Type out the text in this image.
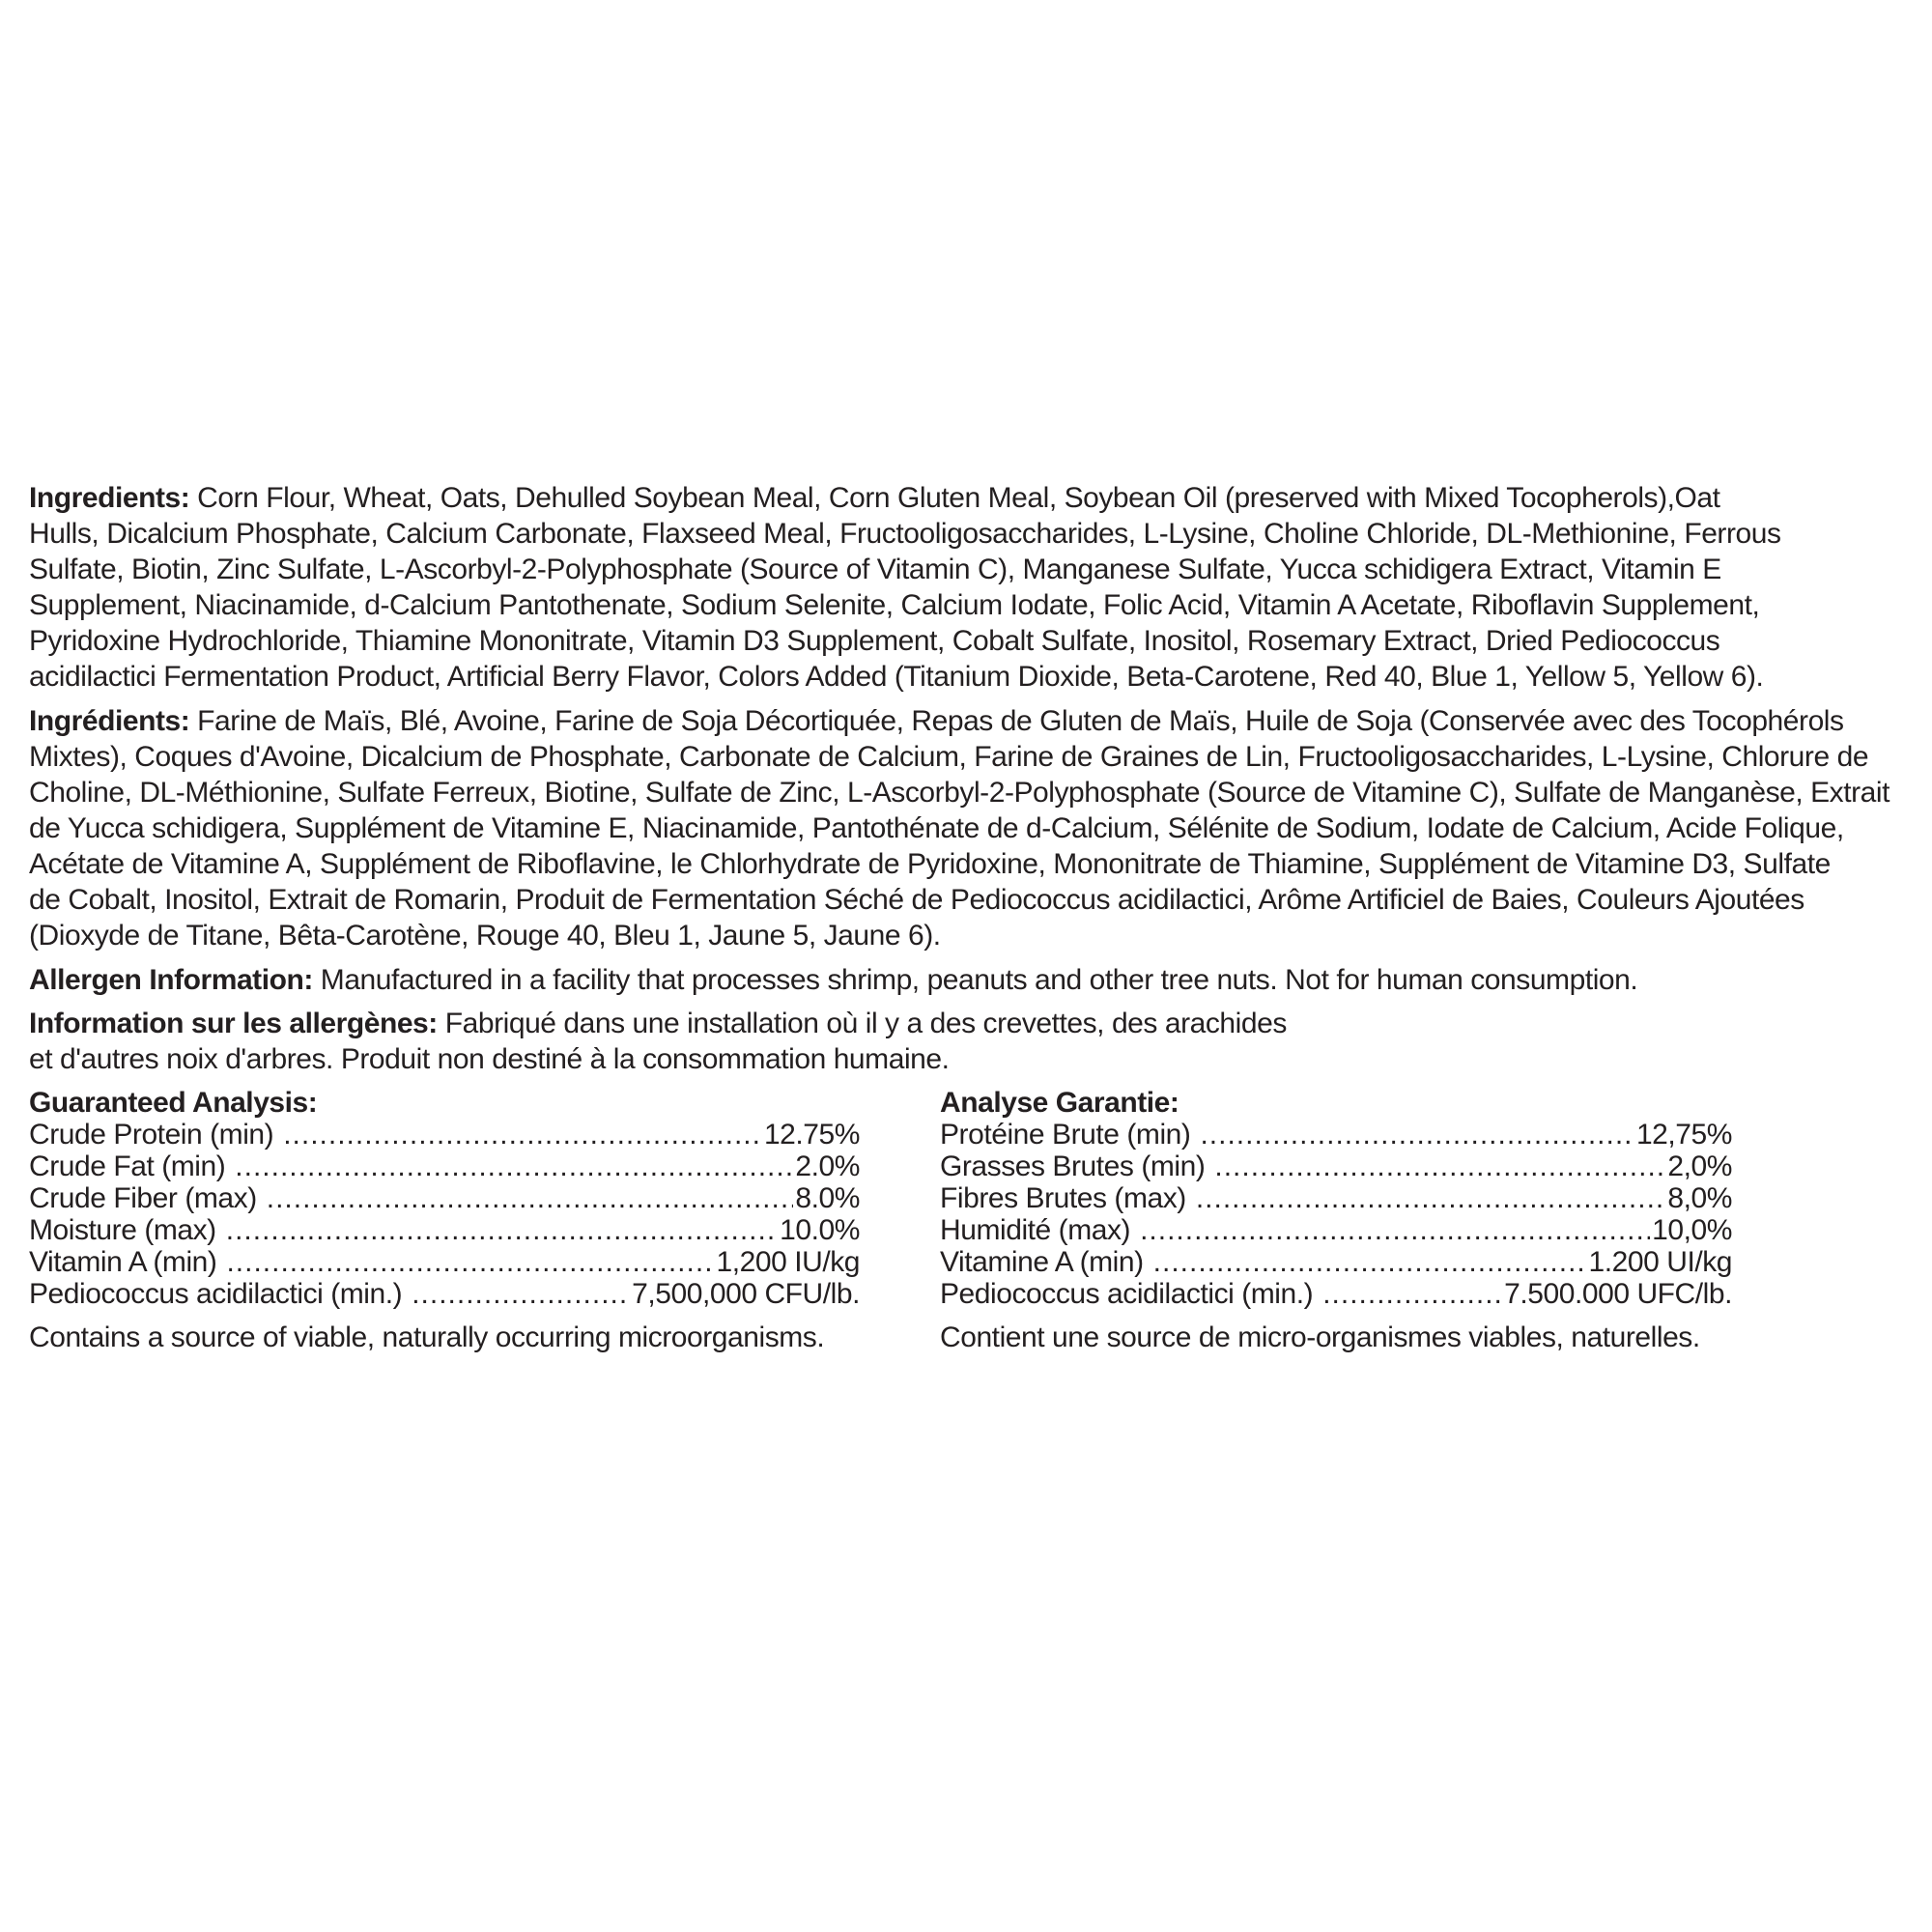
Ingredients: Corn Flour, Wheat, Oats, Dehulled Soybean Meal, Corn Gluten Meal, Soybean Oil (preserved with Mixed Tocopherols),Oat
Hulls, Dicalcium Phosphate, Calcium Carbonate, Flaxseed Meal, Fructooligosaccharides, L-Lysine, Choline Chloride, DL-Methionine, Ferrous
Sulfate, Biotin, Zinc Sulfate, L-Ascorbyl-2-Polyphosphate (Source of Vitamin C), Manganese Sulfate, Yucca schidigera Extract, Vitamin E
Supplement, Niacinamide, d-Calcium Pantothenate, Sodium Selenite, Calcium Iodate, Folic Acid, Vitamin A Acetate, Riboflavin Supplement,
Pyridoxine Hydrochloride, Thiamine Mononitrate, Vitamin D3 Supplement, Cobalt Sulfate, Inositol, Rosemary Extract, Dried Pediococcus
acidilactici Fermentation Product, Artificial Berry Flavor, Colors Added (Titanium Dioxide, Beta-Carotene, Red 40, Blue 1, Yellow 5, Yellow 6).
Ingrédients: Farine de Maïs, Blé, Avoine, Farine de Soja Décortiquée, Repas de Gluten de Maïs, Huile de Soja (Conservée avec des Tocophérols
Mixtes), Coques d'Avoine, Dicalcium de Phosphate, Carbonate de Calcium, Farine de Graines de Lin, Fructooligosaccharides, L-Lysine, Chlorure de
Choline, DL-Méthionine, Sulfate Ferreux, Biotine, Sulfate de Zinc, L-Ascorbyl-2-Polyphosphate (Source de Vitamine C), Sulfate de Manganèse, Extrait
de Yucca schidigera, Supplément de Vitamine E, Niacinamide, Pantothénate de d-Calcium, Sélénite de Sodium, Iodate de Calcium, Acide Folique,
Acétate de Vitamine A, Supplément de Riboflavine, le Chlorhydrate de Pyridoxine, Mononitrate de Thiamine, Supplément de Vitamine D3, Sulfate
de Cobalt, Inositol, Extrait de Romarin, Produit de Fermentation Séché de Pediococcus acidilactici, Arôme Artificiel de Baies, Couleurs Ajoutées
(Dioxyde de Titane, Bêta-Carotène, Rouge 40, Bleu 1, Jaune 5, Jaune 6).
Allergen Information: Manufactured in a facility that processes shrimp, peanuts and other tree nuts. Not for human consumption.
Information sur les allergènes: Fabriqué dans une installation où il y a des crevettes, des arachides
et d'autres noix d'arbres. Produit non destiné à la consommation humaine.
Guaranteed Analysis:
Crude Protein (min) .....	12.75%
Crude Fat (min) .....	2.0%
Crude Fiber (max) .....	8.0%
Moisture (max) .....	10.0%
Vitamin A (min) .....	1,200 IU/kg
Pediococcus acidilactici (min.) .....	7,500,000 CFU/lb.
Contains a source of viable, naturally occurring microorganisms.
Analyse Garantie:
Protéine Brute (min) .....	12,75%
Grasses Brutes (min) .....	2,0%
Fibres Brutes (max) .....	8,0%
Humidité (max) .....	10,0%
Vitamine A (min) .....	1.200 UI/kg
Pediococcus acidilactici (min.) .....	7.500.000 UFC/lb.
Contient une source de micro-organismes viables, naturelles.
